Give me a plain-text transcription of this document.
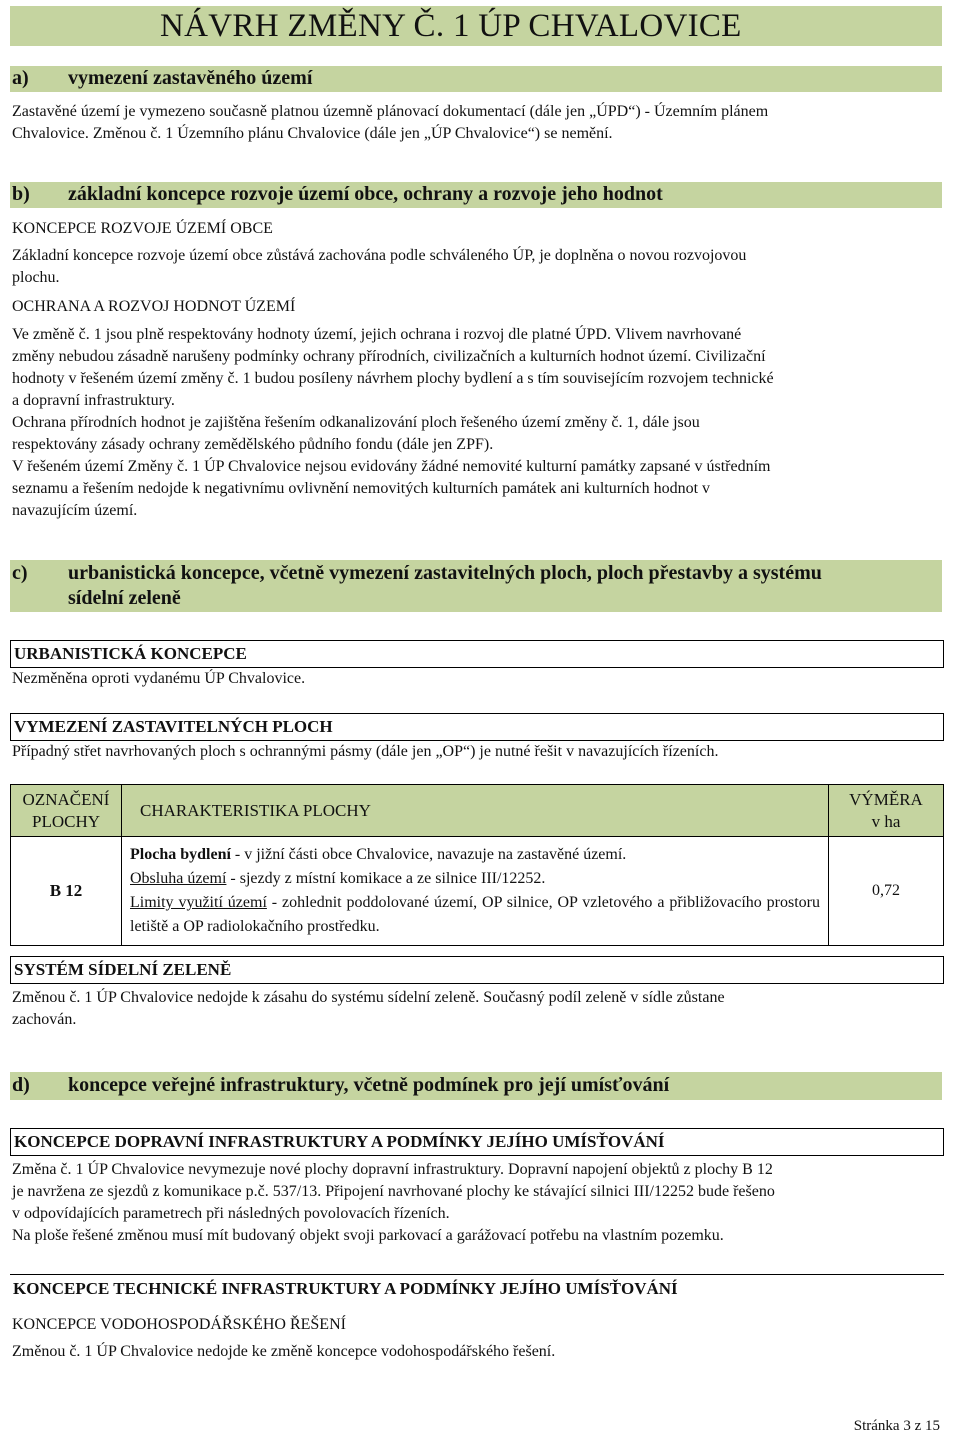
NÁVRH ZMĚNY Č. 1 ÚP CHVALOVICE
a) vymezení zastavěného území
Zastavěné území je vymezeno současně platnou územně plánovací dokumentací (dále jen „ÚPD“) - Územním plánem
Chvalovice. Změnou č. 1 Územního plánu Chvalovice (dále jen „ÚP Chvalovice“) se nemění.
b) základní koncepce rozvoje území obce, ochrany a rozvoje jeho hodnot
KONCEPCE ROZVOJE ÚZEMÍ OBCE
Základní koncepce rozvoje území obce zůstává zachována podle schváleného ÚP, je doplněna o novou rozvojovou
plochu.
OCHRANA A ROZVOJ HODNOT ÚZEMÍ
Ve změně č. 1 jsou plně respektovány hodnoty území, jejich ochrana i rozvoj dle platné ÚPD. Vlivem navrhované
změny nebudou zásadně narušeny podmínky ochrany přírodních, civilizačních a kulturních hodnot území. Civilizační
hodnoty v řešeném území změny č. 1 budou posíleny návrhem plochy bydlení a s tím souvisejícím rozvojem technické
a dopravní infrastruktury.
Ochrana přírodních hodnot je zajištěna řešením odkanalizování ploch řešeného území změny č. 1, dále jsou
respektovány zásady ochrany zemědělského půdního fondu (dále jen ZPF).
V řešeném území Změny č. 1 ÚP Chvalovice nejsou evidovány žádné nemovité kulturní památky zapsané v ústředním
seznamu a řešením nedojde k negativnímu ovlivnění nemovitých kulturních památek ani kulturních hodnot v
navazujícím území.
c) urbanistická koncepce, včetně vymezení zastavitelných ploch, ploch přestavby a systému
sídelní zeleně
URBANISTICKÁ KONCEPCE
Nezměněna oproti vydanému ÚP Chvalovice.
VYMEZENÍ ZASTAVITELNÝCH PLOCH
Případný střet navrhovaných ploch s ochrannými pásmy (dále jen „OP“) je nutné řešit v navazujících řízeních.
OZNAČENÍ
PLOCHY	CHARAKTERISTIKA PLOCHY	VÝMĚRA
v ha
B 12	Plocha bydlení - v jižní části obce Chvalovice, navazuje na zastavěné území.
Obsluha území - sjezdy z místní komikace a ze silnice III/12252.
Limity využití území - zohlednit poddolované území, OP silnice, OP vzletového a přibližovacího prostoru letiště a OP radiolokačního prostředku.	0,72
SYSTÉM SÍDELNÍ ZELENĚ
Změnou č. 1 ÚP Chvalovice nedojde k zásahu do systému sídelní zeleně. Současný podíl zeleně v sídle zůstane
zachován.
d) koncepce veřejné infrastruktury, včetně podmínek pro její umísťování
KONCEPCE DOPRAVNÍ INFRASTRUKTURY A PODMÍNKY JEJÍHO UMÍSŤOVÁNÍ
Změna č. 1 ÚP Chvalovice nevymezuje nové plochy dopravní infrastruktury. Dopravní napojení objektů z plochy B 12
je navržena ze sjezdů z komunikace p.č. 537/13. Připojení navrhované plochy ke stávající silnici III/12252 bude řešeno
v odpovídajících parametrech při následných povolovacích řízeních.
Na ploše řešené změnou musí mít budovaný objekt svoji parkovací a garážovací potřebu na vlastním pozemku.
KONCEPCE TECHNICKÉ INFRASTRUKTURY A PODMÍNKY JEJÍHO UMÍSŤOVÁNÍ
KONCEPCE VODOHOSPODÁŘSKÉHO ŘEŠENÍ
Změnou č. 1 ÚP Chvalovice nedojde ke změně koncepce vodohospodářského řešení.
Stránka 3 z 15
